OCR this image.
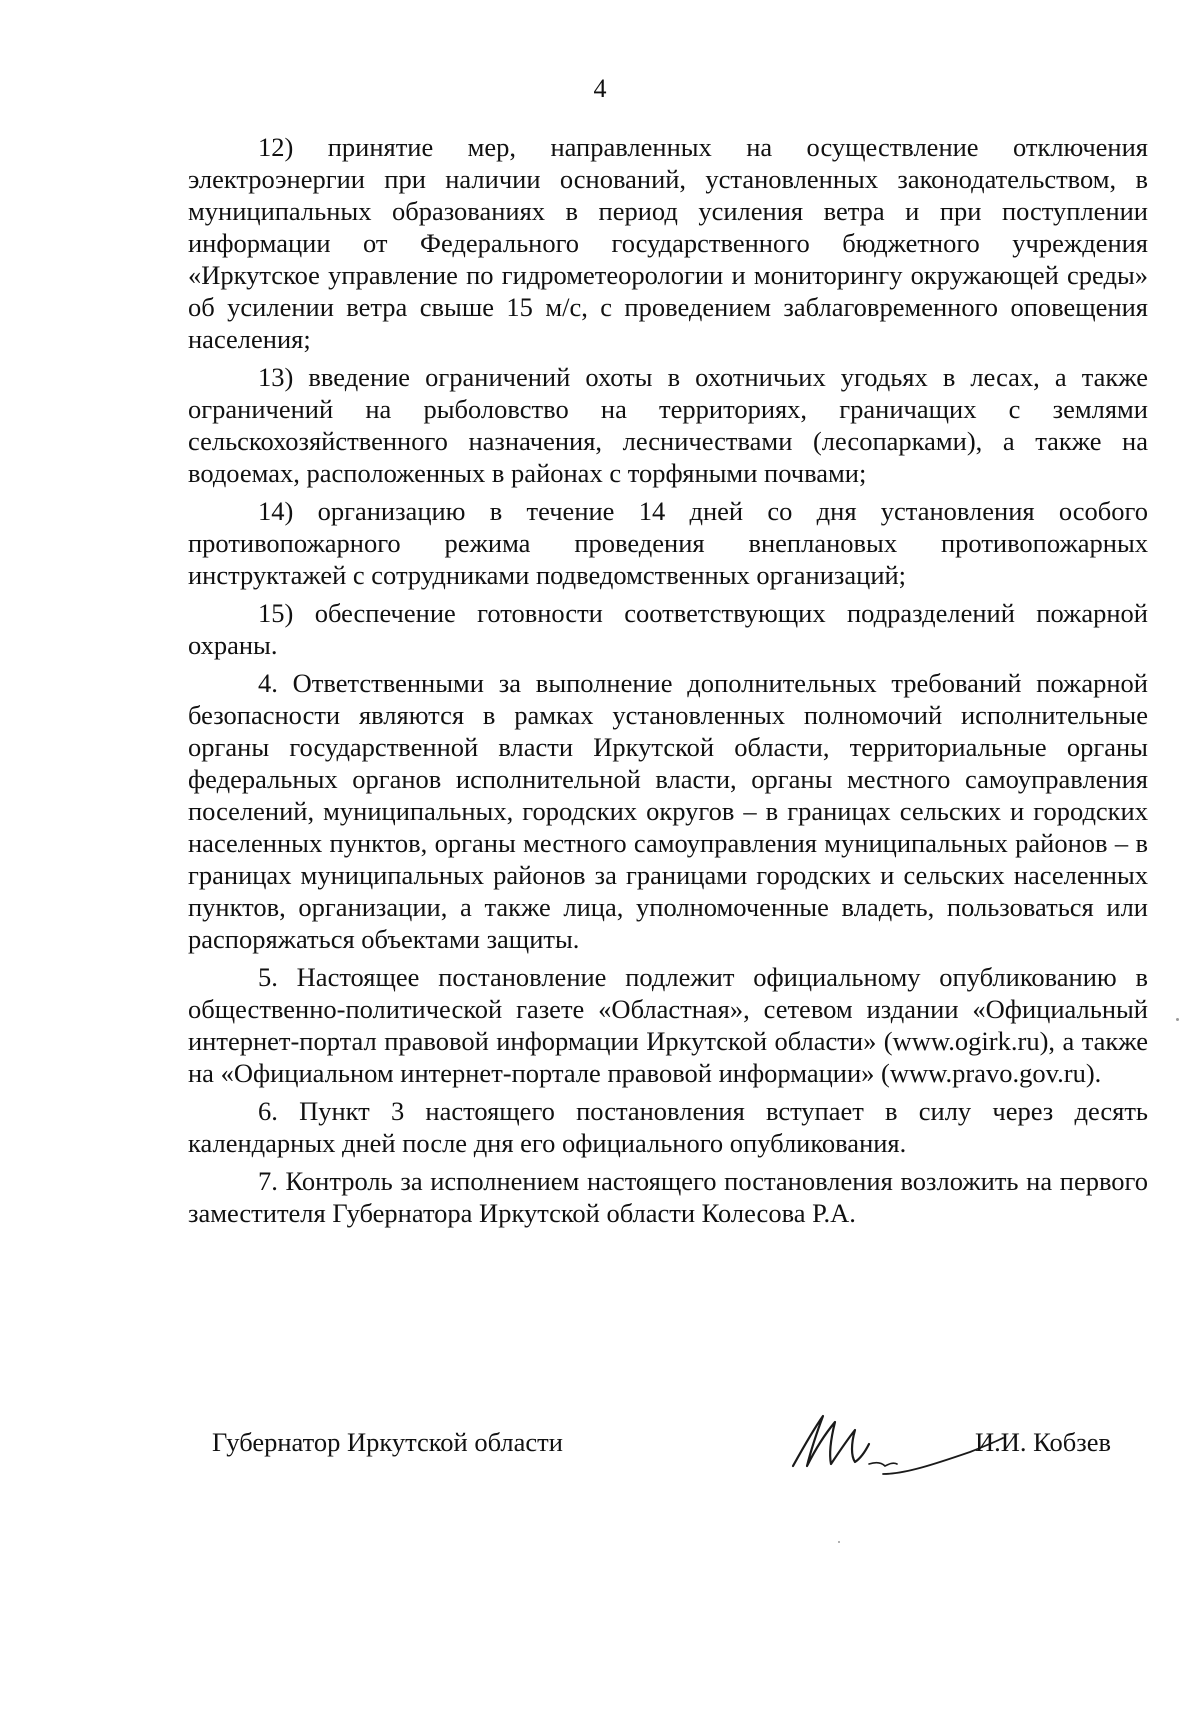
4

12) принятие мер, направленных на осуществление отключения электроэнергии при наличии оснований, установленных законодательством, в муниципальных образованиях в период усиления ветра и при поступлении информации от Федерального государственного бюджетного учреждения «Иркутское управление по гидрометеорологии и мониторингу окружающей среды» об усилении ветра свыше 15 м/с, с проведением заблаговременного оповещения населения;

13) введение ограничений охоты в охотничьих угодьях в лесах, а также ограничений на рыболовство на территориях, граничащих с землями сельскохозяйственного назначения, лесничествами (лесопарками), а также на водоемах, расположенных в районах с торфяными почвами;

14) организацию в течение 14 дней со дня установления особого противопожарного режима проведения внеплановых противопожарных инструктажей с сотрудниками подведомственных организаций;

15) обеспечение готовности соответствующих подразделений пожарной охраны.

4. Ответственными за выполнение дополнительных требований пожарной безопасности являются в рамках установленных полномочий исполнительные органы государственной власти Иркутской области, территориальные органы федеральных органов исполнительной власти, органы местного самоуправления поселений, муниципальных, городских округов – в границах сельских и городских населенных пунктов, органы местного самоуправления муниципальных районов – в границах муниципальных районов за границами городских и сельских населенных пунктов, организации, а также лица, уполномоченные владеть, пользоваться или распоряжаться объектами защиты.

5. Настоящее постановление подлежит официальному опубликованию в общественно-политической газете «Областная», сетевом издании «Официальный интернет-портал правовой информации Иркутской области» (www.ogirk.ru), а также на «Официальном интернет-портале правовой информации» (www.pravo.gov.ru).

6. Пункт 3 настоящего постановления вступает в силу через десять календарных дней после дня его официального опубликования.

7. Контроль за исполнением настоящего постановления возложить на первого заместителя Губернатора Иркутской области Колесова Р.А.

Губернатор Иркутской области	И.И. Кобзев
